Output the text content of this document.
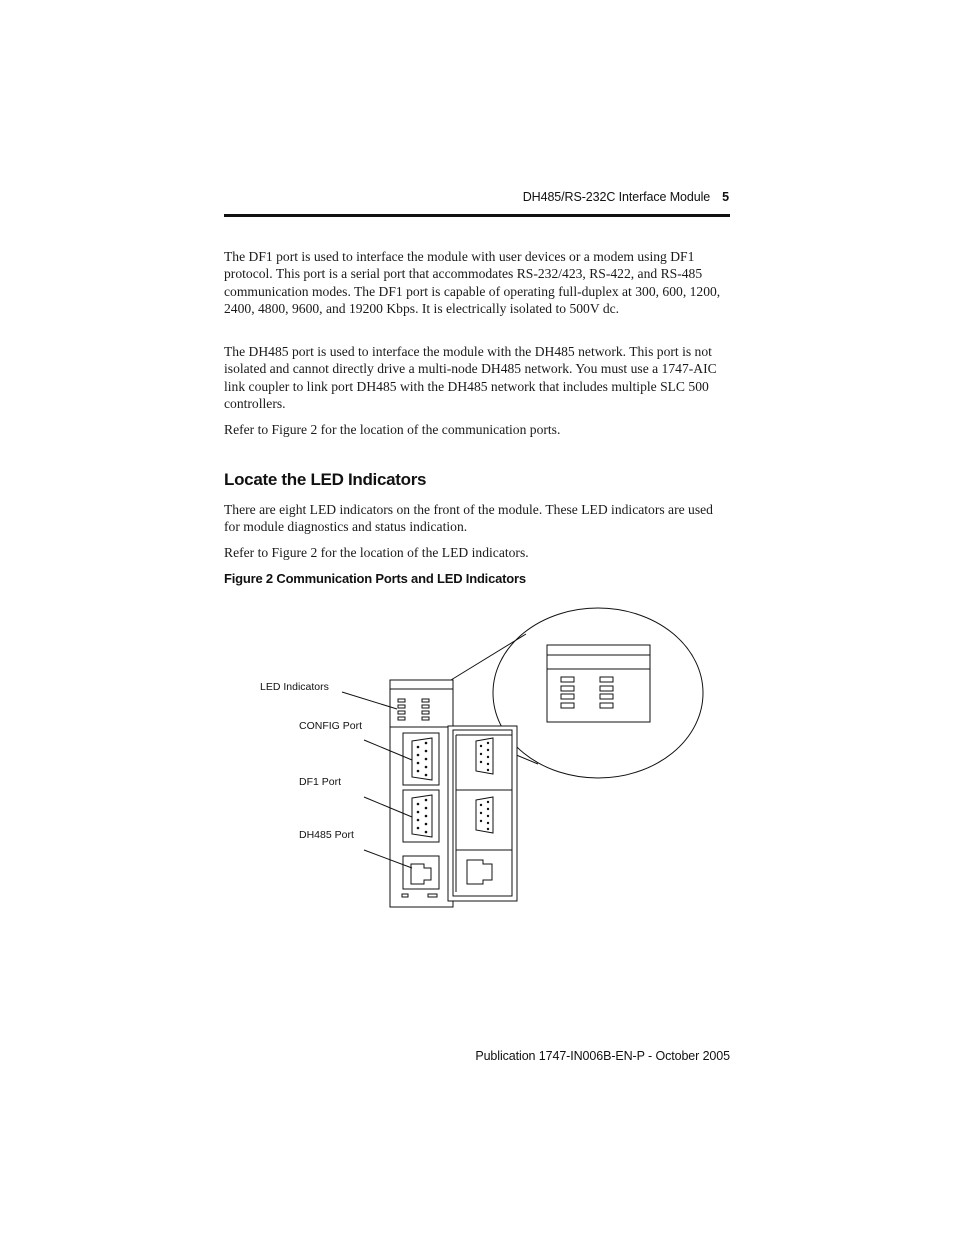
DH485/RS-232C Interface Module 5

The DF1 port is used to interface the module with user devices or a modem using DF1 protocol. This port is a serial port that accommodates RS-232/423, RS-422, and RS-485 communication modes. The DF1 port is capable of operating full-duplex at 300, 600, 1200, 2400, 4800, 9600, and 19200 Kbps. It is electrically isolated to 500V dc.

The DH485 port is used to interface the module with the DH485 network. This port is not isolated and cannot directly drive a multi-node DH485 network. You must use a 1747-AIC link coupler to link port DH485 with the DH485 network that includes multiple SLC 500 controllers.

Refer to Figure 2 for the location of the communication ports.

Locate the LED Indicators

There are eight LED indicators on the front of the module. These LED indicators are used for module diagnostics and status indication.

Refer to Figure 2 for the location of the LED indicators.

Figure 2 Communication Ports and LED Indicators

LED Indicators
CONFIG Port
DF1 Port
DH485 Port
Publication 1747-IN006B-EN-P - October 2005
